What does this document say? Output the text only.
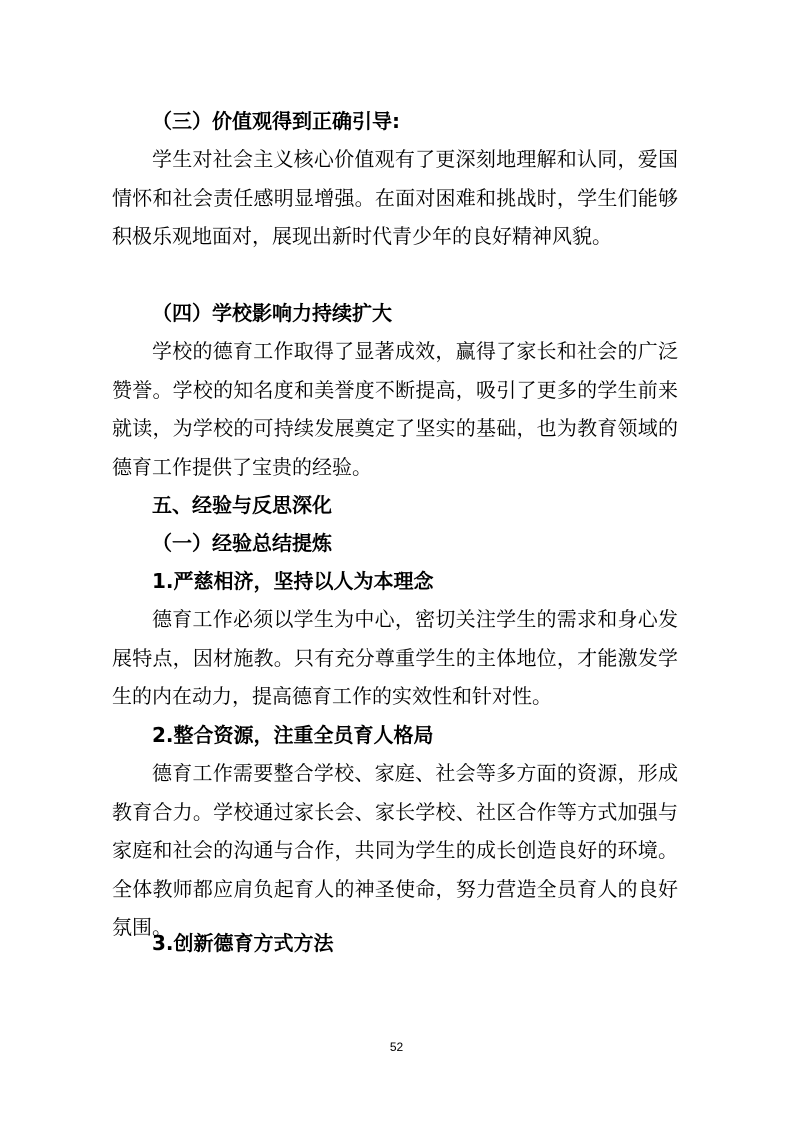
（三）价值观得到正确引导:

学生对社会主义核心价值观有了更深刻地理解和认同，爱国情怀和社会责任感明显增强。在面对困难和挑战时，学生们能够积极乐观地面对，展现出新时代青少年的良好精神风貌。

（四）学校影响力持续扩大

学校的德育工作取得了显著成效，赢得了家长和社会的广泛赞誉。学校的知名度和美誉度不断提高，吸引了更多的学生前来就读，为学校的可持续发展奠定了坚实的基础，也为教育领域的德育工作提供了宝贵的经验。

五、经验与反思深化
（一）经验总结提炼
1.严慈相济，坚持以人为本理念

德育工作必须以学生为中心，密切关注学生的需求和身心发展特点，因材施教。只有充分尊重学生的主体地位，才能激发学生的内在动力，提高德育工作的实效性和针对性。

2.整合资源，注重全员育人格局

德育工作需要整合学校、家庭、社会等多方面的资源，形成教育合力。学校通过家长会、家长学校、社区合作等方式加强与家庭和社会的沟通与合作，共同为学生的成长创造良好的环境。全体教师都应肩负起育人的神圣使命，努力营造全员育人的良好氛围。

3.创新德育方式方法
52
